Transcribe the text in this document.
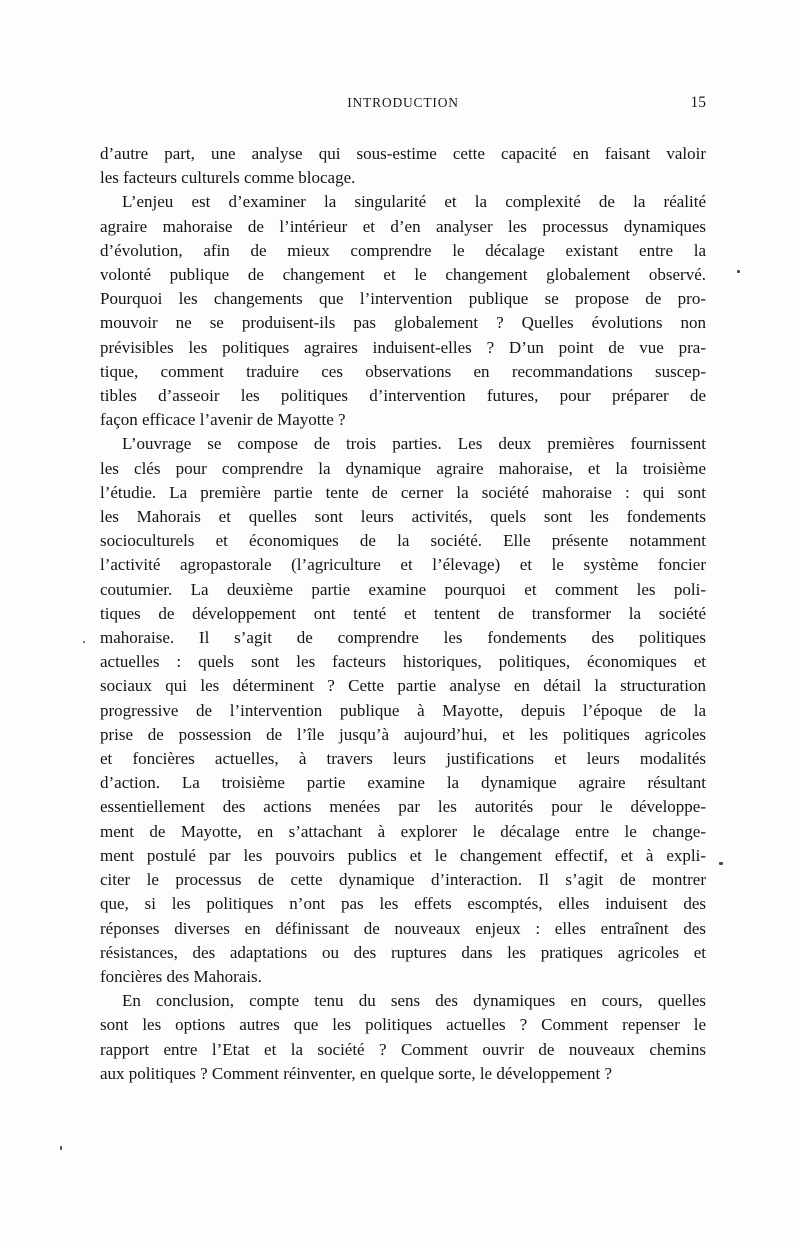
INTRODUCTION	15
d’autre part, une analyse qui sous-estime cette capacité en faisant valoir
les facteurs culturels comme blocage.
L’enjeu est d’examiner la singularité et la complexité de la réalité
agraire mahoraise de l’intérieur et d’en analyser les processus dynamiques
d’évolution, afin de mieux comprendre le décalage existant entre la
volonté publique de changement et le changement globalement observé.
Pourquoi les changements que l’intervention publique se propose de pro-
mouvoir ne se produisent-ils pas globalement ? Quelles évolutions non
prévisibles les politiques agraires induisent-elles ? D’un point de vue pra-
tique, comment traduire ces observations en recommandations suscep-
tibles d’asseoir les politiques d’intervention futures, pour préparer de
façon efficace l’avenir de Mayotte ?
L’ouvrage se compose de trois parties. Les deux premières fournissent
les clés pour comprendre la dynamique agraire mahoraise, et la troisième
l’étudie. La première partie tente de cerner la société mahoraise : qui sont
les Mahorais et quelles sont leurs activités, quels sont les fondements
socioculturels et économiques de la société. Elle présente notamment
l’activité agropastorale (l’agriculture et l’élevage) et le système foncier
coutumier. La deuxième partie examine pourquoi et comment les poli-
tiques de développement ont tenté et tentent de transformer la société
mahoraise. Il s’agit de comprendre les fondements des politiques
actuelles : quels sont les facteurs historiques, politiques, économiques et
sociaux qui les déterminent ? Cette partie analyse en détail la structuration
progressive de l’intervention publique à Mayotte, depuis l’époque de la
prise de possession de l’île jusqu’à aujourd’hui, et les politiques agricoles
et foncières actuelles, à travers leurs justifications et leurs modalités
d’action. La troisième partie examine la dynamique agraire résultant
essentiellement des actions menées par les autorités pour le développe-
ment de Mayotte, en s’attachant à explorer le décalage entre le change-
ment postulé par les pouvoirs publics et le changement effectif, et à expli-
citer le processus de cette dynamique d’interaction. Il s’agit de montrer
que, si les politiques n’ont pas les effets escomptés, elles induisent des
réponses diverses en définissant de nouveaux enjeux : elles entraînent des
résistances, des adaptations ou des ruptures dans les pratiques agricoles et
foncières des Mahorais.
En conclusion, compte tenu du sens des dynamiques en cours, quelles
sont les options autres que les politiques actuelles ? Comment repenser le
rapport entre l’Etat et la société ? Comment ouvrir de nouveaux chemins
aux politiques ? Comment réinventer, en quelque sorte, le développement ?
